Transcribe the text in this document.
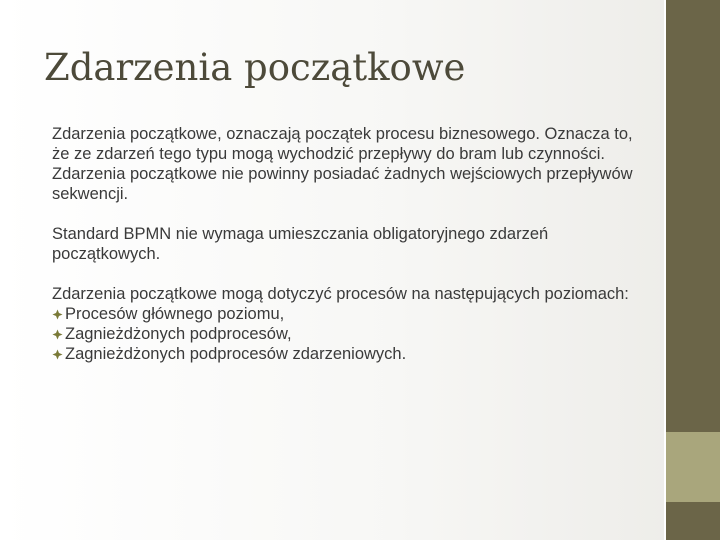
Zdarzenia początkowe

Zdarzenia początkowe, oznaczają początek procesu biznesowego. Oznacza to, że ze zdarzeń tego typu mogą wychodzić przepływy do bram lub czynności.

Zdarzenia początkowe nie powinny posiadać żadnych wejściowych przepływów sekwencji.

Standard BPMN nie wymaga umieszczania obligatoryjnego zdarzeń początkowych.

Zdarzenia początkowe mogą dotyczyć procesów na następujących poziomach:

Procesów głównego poziomu,
Zagnieżdżonych podprocesów,
Zagnieżdżonych podprocesów zdarzeniowych.
